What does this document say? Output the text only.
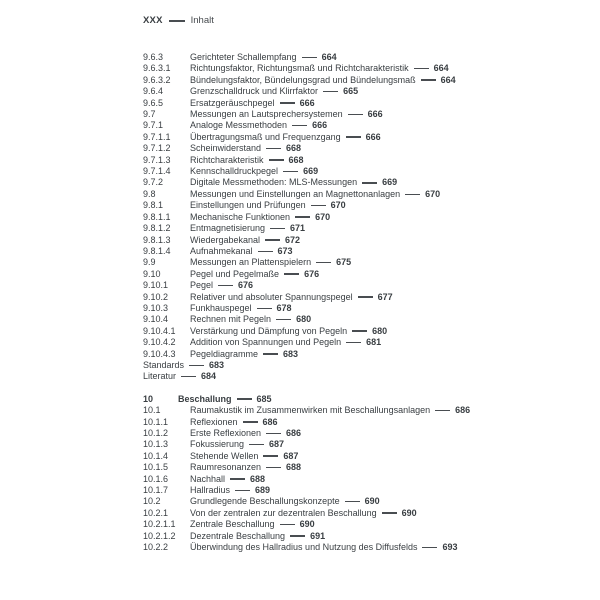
XXX	Inhalt
9.6.3	Gerichteter Schallempfang	664
9.6.3.1	Richtungsfaktor, Richtungsmaß und Richtcharakteristik	664
9.6.3.2	Bündelungsfaktor, Bündelungsgrad und Bündelungsmaß	664
9.6.4	Grenzschalldruck und Klirrfaktor	665
9.6.5	Ersatzgeräuschpegel	666
9.7	Messungen an Lautsprechersystemen	666
9.7.1	Analoge Messmethoden	666
9.7.1.1	Übertragungsmaß und Frequenzgang	666
9.7.1.2	Scheinwiderstand	668
9.7.1.3	Richtcharakteristik	668
9.7.1.4	Kennschalldruckpegel	669
9.7.2	Digitale Messmethoden: MLS-Messungen	669
9.8	Messungen und Einstellungen an Magnettonanlagen	670
9.8.1	Einstellungen und Prüfungen	670
9.8.1.1	Mechanische Funktionen	670
9.8.1.2	Entmagnetisierung	671
9.8.1.3	Wiedergabekanal	672
9.8.1.4	Aufnahmekanal	673
9.9	Messungen an Plattenspielern	675
9.10	Pegel und Pegelmaße	676
9.10.1	Pegel	676
9.10.2	Relativer und absoluter Spannungspegel	677
9.10.3	Funkhauspegel	678
9.10.4	Rechnen mit Pegeln	680
9.10.4.1	Verstärkung und Dämpfung von Pegeln	680
9.10.4.2	Addition von Spannungen und Pegeln	681
9.10.4.3	Pegeldiagramme	683
Standards	683
Literatur	684
10	Beschallung	685
10.1	Raumakustik im Zusammenwirken mit Beschallungsanlagen	686
10.1.1	Reflexionen	686
10.1.2	Erste Reflexionen	686
10.1.3	Fokussierung	687
10.1.4	Stehende Wellen	687
10.1.5	Raumresonanzen	688
10.1.6	Nachhall	688
10.1.7	Hallradius	689
10.2	Grundlegende Beschallungskonzepte	690
10.2.1	Von der zentralen zur dezentralen Beschallung	690
10.2.1.1	Zentrale Beschallung	690
10.2.1.2	Dezentrale Beschallung	691
10.2.2	Überwindung des Hallradius und Nutzung des Diffusfelds	693
